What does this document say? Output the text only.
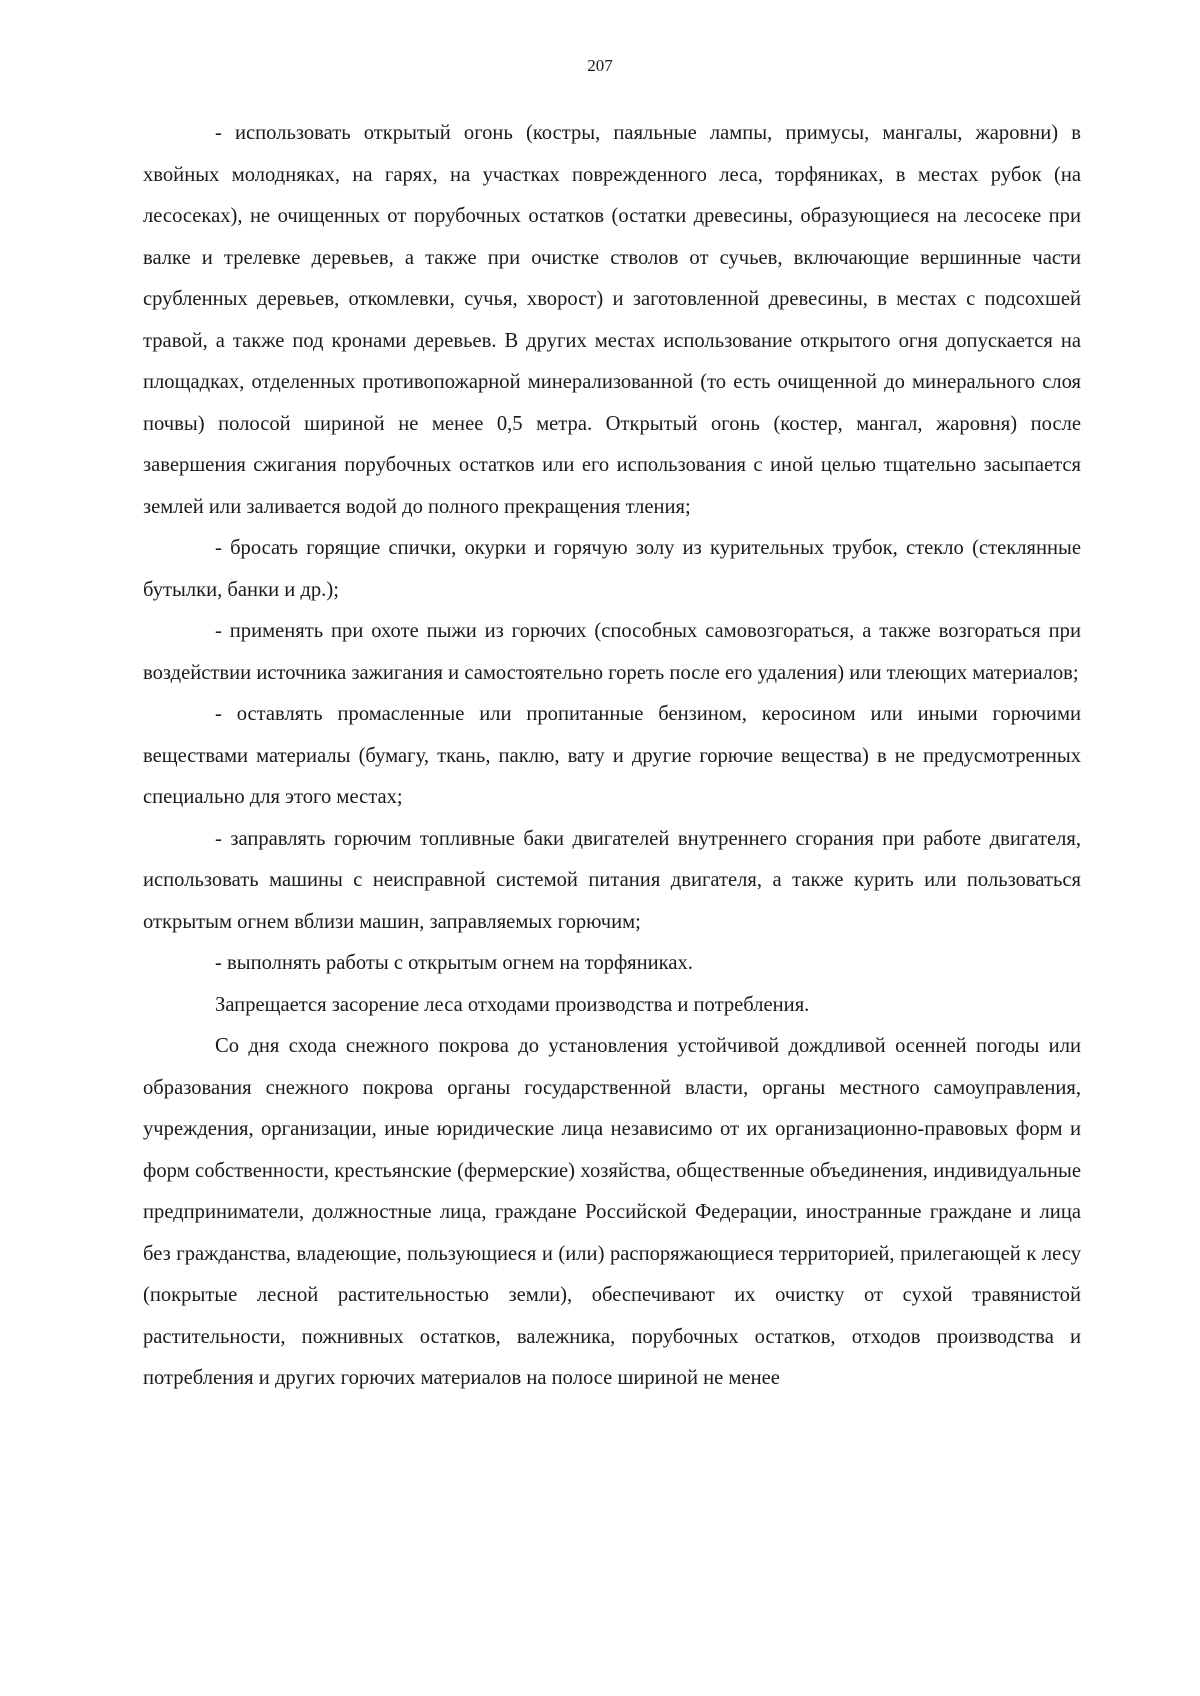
207

- использовать открытый огонь (костры, паяльные лампы, примусы, мангалы, жаровни) в хвойных молодняках, на гарях, на участках поврежденного леса, торфяниках, в местах рубок (на лесосеках), не очищенных от порубочных остатков (остатки древесины, образующиеся на лесосеке при валке и трелевке деревьев, а также при очистке стволов от сучьев, включающие вершинные части срубленных деревьев, откомлевки, сучья, хворост) и заготовленной древесины, в местах с подсохшей травой, а также под кронами деревьев. В других местах использование открытого огня допускается на площадках, отделенных противопожарной минерализованной (то есть очищенной до минерального слоя почвы) полосой шириной не менее 0,5 метра. Открытый огонь (костер, мангал, жаровня) после завершения сжигания порубочных остатков или его использования с иной целью тщательно засыпается землей или заливается водой до полного прекращения тления;

- бросать горящие спички, окурки и горячую золу из курительных трубок, стекло (стеклянные бутылки, банки и др.);

- применять при охоте пыжи из горючих (способных самовозгораться, а также возгораться при воздействии источника зажигания и самостоятельно гореть после его удаления) или тлеющих материалов;

- оставлять промасленные или пропитанные бензином, керосином или иными горючими веществами материалы (бумагу, ткань, паклю, вату и другие горючие вещества) в не предусмотренных специально для этого местах;

- заправлять горючим топливные баки двигателей внутреннего сгорания при работе двигателя, использовать машины с неисправной системой питания двигателя, а также курить или пользоваться открытым огнем вблизи машин, заправляемых горючим;

- выполнять работы с открытым огнем на торфяниках.

Запрещается засорение леса отходами производства и потребления.

Со дня схода снежного покрова до установления устойчивой дождливой осенней погоды или образования снежного покрова органы государственной власти, органы местного самоуправления, учреждения, организации, иные юридические лица независимо от их организационно-правовых форм и форм собственности, крестьянские (фермерские) хозяйства, общественные объединения, индивидуальные предприниматели, должностные лица, граждане Российской Федерации, иностранные граждане и лица без гражданства, владеющие, пользующиеся и (или) распоряжающиеся территорией, прилегающей к лесу (покрытые лесной растительностью земли), обеспечивают их очистку от сухой травянистой растительности, пожнивных остатков, валежника, порубочных остатков, отходов производства и потребления и других горючих материалов на полосе шириной не менее
